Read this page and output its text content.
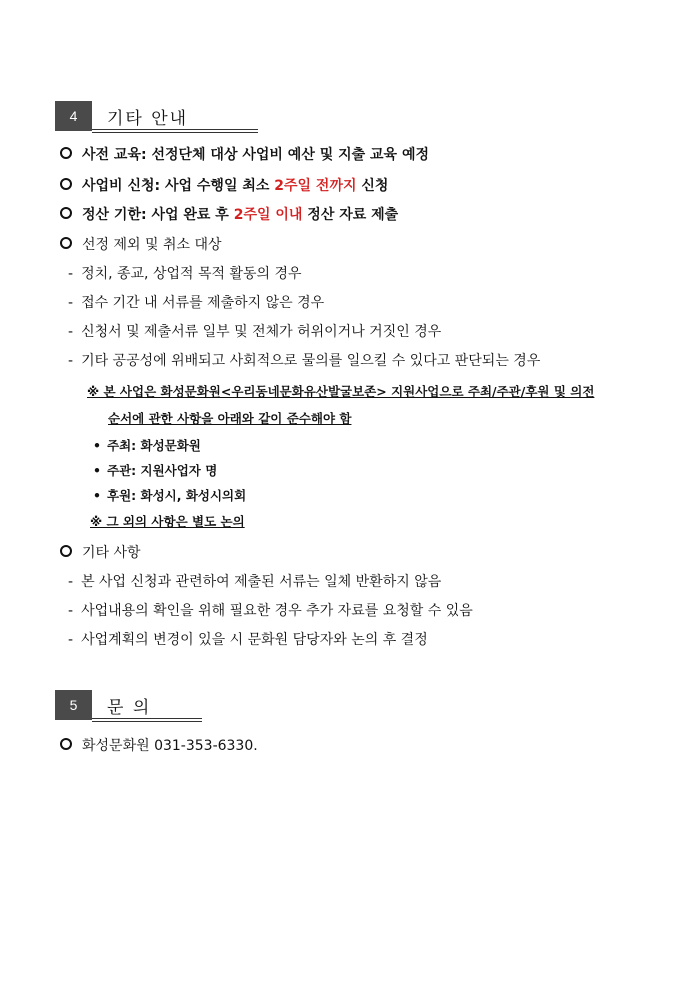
4	기타 안내
사전 교육: 선정단체 대상 사업비 예산 및 지출 교육 예정
사업비 신청: 사업 수행일 최소 2주일 전까지 신청
정산 기한: 사업 완료 후 2주일 이내 정산 자료 제출
선정 제외 및 취소 대상
- 정치, 종교, 상업적 목적 활동의 경우
- 접수 기간 내 서류를 제출하지 않은 경우
- 신청서 및 제출서류 일부 및 전체가 허위이거나 거짓인 경우
- 기타 공공성에 위배되고 사회적으로 물의를 일으킬 수 있다고 판단되는 경우
※ 본 사업은 화성문화원<우리동네문화유산발굴보존> 지원사업으로 주최/주관/후원 및 의전
순서에 관한 사항을 아래와 같이 준수해야 함
• 주최: 화성문화원
• 주관: 지원사업자 명
• 후원: 화성시, 화성시의회
※ 그 외의 사항은 별도 논의
기타 사항
- 본 사업 신청과 관련하여 제출된 서류는 일체 반환하지 않음
- 사업내용의 확인을 위해 필요한 경우 추가 자료를 요청할 수 있음
- 사업계획의 변경이 있을 시 문화원 담당자와 논의 후 결정
5	문 의
화성문화원 031-353-6330.
